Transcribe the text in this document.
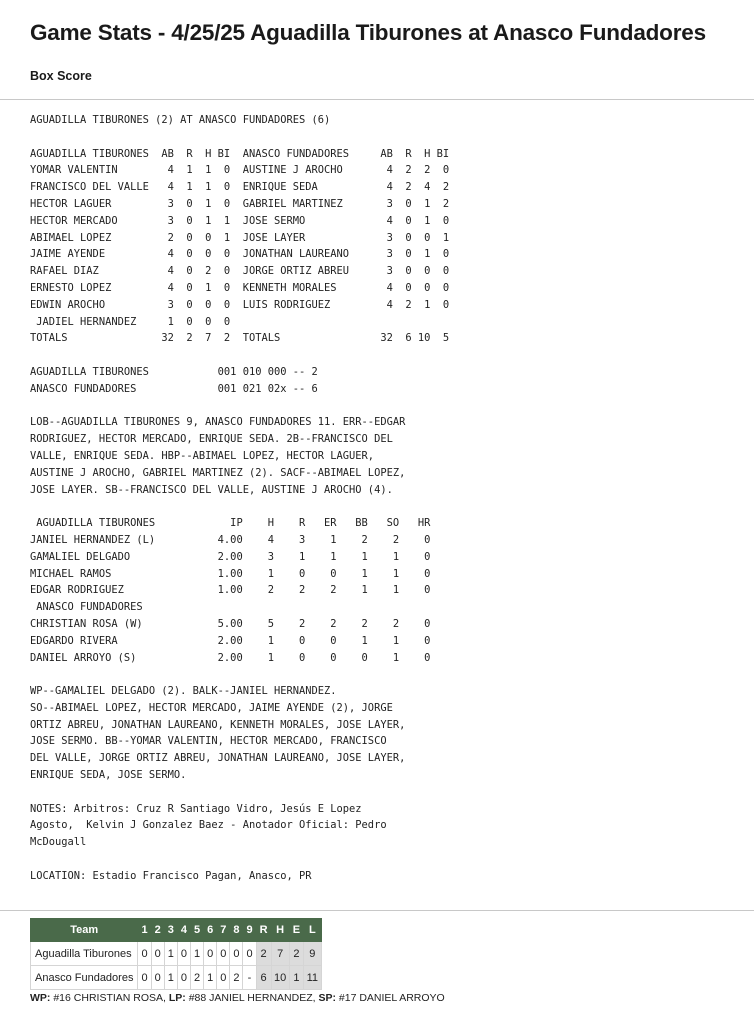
Game Stats - 4/25/25 Aguadilla Tiburones at Anasco Fundadores
Box Score
AGUADILLA TIBURONES (2) AT ANASCO FUNDADORES (6)

AGUADILLA TIBURONES  AB  R  H BI  ANASCO FUNDADORES     AB  R  H BI
YOMAR VALENTIN        4  1  1  0  AUSTINE J AROCHO       4  2  2  0
FRANCISCO DEL VALLE   4  1  1  0  ENRIQUE SEDA           4  2  4  2
HECTOR LAGUER         3  0  1  0  GABRIEL MARTINEZ       3  0  1  2
HECTOR MERCADO        3  0  1  1  JOSE SERMO             4  0  1  0
ABIMAEL LOPEZ         2  0  0  1  JOSE LAYER             3  0  0  1
JAIME AYENDE          4  0  0  0  JONATHAN LAUREANO      3  0  1  0
RAFAEL DIAZ           4  0  2  0  JORGE ORTIZ ABREU      3  0  0  0
ERNESTO LOPEZ         4  0  1  0  KENNETH MORALES        4  0  0  0
EDWIN AROCHO          3  0  0  0  LUIS RODRIGUEZ         4  2  1  0
JADIEL HERNANDEZ     1  0  0  0
TOTALS               32  2  7  2  TOTALS                32  6 10  5

AGUADILLA TIBURONES           001 010 000 -- 2
ANASCO FUNDADORES             001 021 02x -- 6

LOB--AGUADILLA TIBURONES 9, ANASCO FUNDADORES 11. ERR--EDGAR
RODRIGUEZ, HECTOR MERCADO, ENRIQUE SEDA. 2B--FRANCISCO DEL
VALLE, ENRIQUE SEDA. HBP--ABIMAEL LOPEZ, HECTOR LAGUER,
AUSTINE J AROCHO, GABRIEL MARTINEZ (2). SACF--ABIMAEL LOPEZ,
JOSE LAYER. SB--FRANCISCO DEL VALLE, AUSTINE J AROCHO (4).

AGUADILLA TIBURONES            IP    H    R   ER   BB   SO   HR
JANIEL HERNANDEZ (L)          4.00    4    3    1    2    2    0
GAMALIEL DELGADO              2.00    3    1    1    1    1    0
MICHAEL RAMOS                 1.00    1    0    0    1    1    0
EDGAR RODRIGUEZ               1.00    2    2    2    1    1    0
ANASCO FUNDADORES
CHRISTIAN ROSA (W)            5.00    5    2    2    2    2    0
EDGARDO RIVERA                2.00    1    0    0    1    1    0
DANIEL ARROYO (S)             2.00    1    0    0    0    1    0

WP--GAMALIEL DELGADO (2). BALK--JANIEL HERNANDEZ.
SO--ABIMAEL LOPEZ, HECTOR MERCADO, JAIME AYENDE (2), JORGE
ORTIZ ABREU, JONATHAN LAUREANO, KENNETH MORALES, JOSE LAYER,
JOSE SERMO. BB--YOMAR VALENTIN, HECTOR MERCADO, FRANCISCO
DEL VALLE, JORGE ORTIZ ABREU, JONATHAN LAUREANO, JOSE LAYER,
ENRIQUE SEDA, JOSE SERMO.

NOTES: Arbitros: Cruz R Santiago Vidro, Jesús E Lopez
Agosto,  Kelvin J Gonzalez Baez - Anotador Oficial: Pedro
McDougall

LOCATION: Estadio Francisco Pagan, Anasco, PR
Team	1	2	3	4	5	6	7	8	9	R	H	E	L
Aguadilla Tiburones	0	0	1	0	1	0	0	0	0	2	7	2	9
Anasco Fundadores	0	0	1	0	2	1	0	2	-	6	10	1	11
WP: #16 CHRISTIAN ROSA, LP: #88 JANIEL HERNANDEZ, SP: #17 DANIEL ARROYO
